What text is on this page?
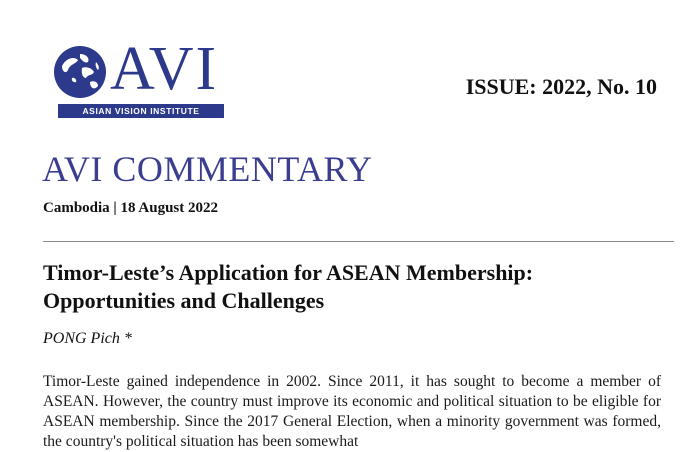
AVI
ASIAN VISION INSTITUTE
ISSUE: 2022, No. 10
AVI COMMENTARY
Cambodia | 18 August 2022
Timor-Leste’s Application for ASEAN Membership: Opportunities and Challenges
PONG Pich *
Timor-Leste gained independence in 2002. Since 2011, it has sought to become a member of ASEAN. However, the country must improve its economic and political situation to be eligible for ASEAN membership. Since the 2017 General Election, when a minority government was formed, the country's political situation has been somewhat
